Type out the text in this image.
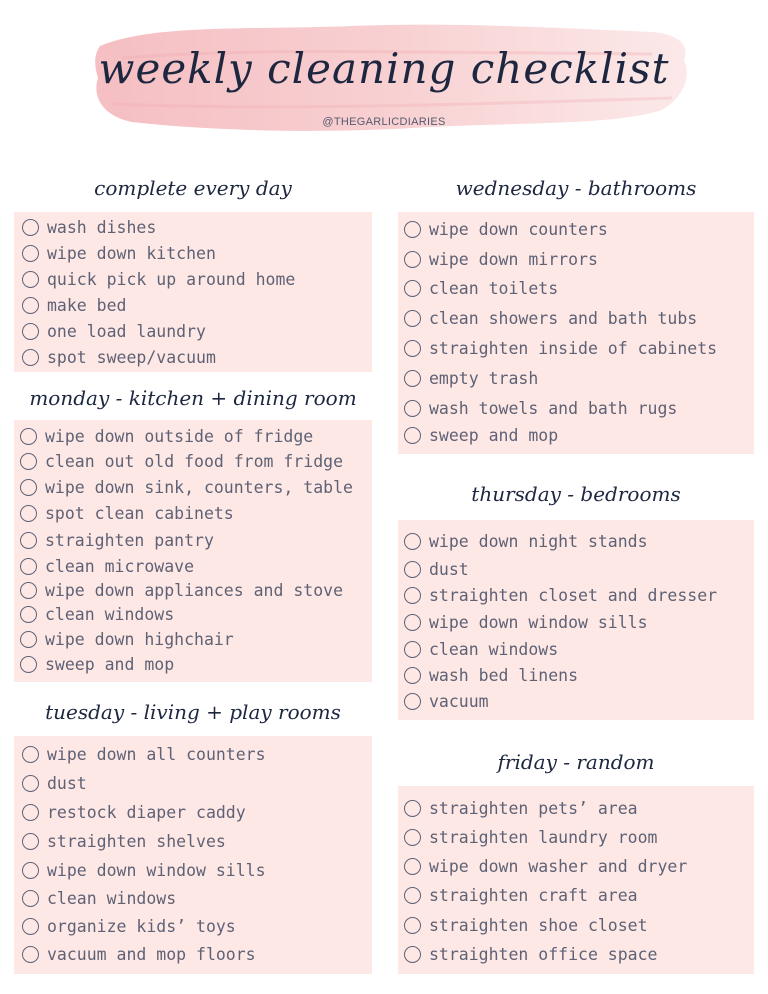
weekly cleaning checklist
@THEGARLICDIARIES
complete every day
wash dishes
wipe down kitchen
quick pick up around home
make bed
one load laundry
spot sweep/vacuum
monday - kitchen + dining room
wipe down outside of fridge
clean out old food from fridge
wipe down sink, counters, table
spot clean cabinets
straighten pantry
clean microwave
wipe down appliances and stove
clean windows
wipe down highchair
sweep and mop
tuesday - living + play rooms
wipe down all counters
dust
restock diaper caddy
straighten shelves
wipe down window sills
clean windows
organize kids’ toys
vacuum and mop floors
wednesday - bathrooms
wipe down counters
wipe down mirrors
clean toilets
clean showers and bath tubs
straighten inside of cabinets
empty trash
wash towels and bath rugs
sweep and mop
thursday - bedrooms
wipe down night stands
dust
straighten closet and dresser
wipe down window sills
clean windows
wash bed linens
vacuum
friday - random
straighten pets’ area
straighten laundry room
wipe down washer and dryer
straighten craft area
straighten shoe closet
straighten office space
